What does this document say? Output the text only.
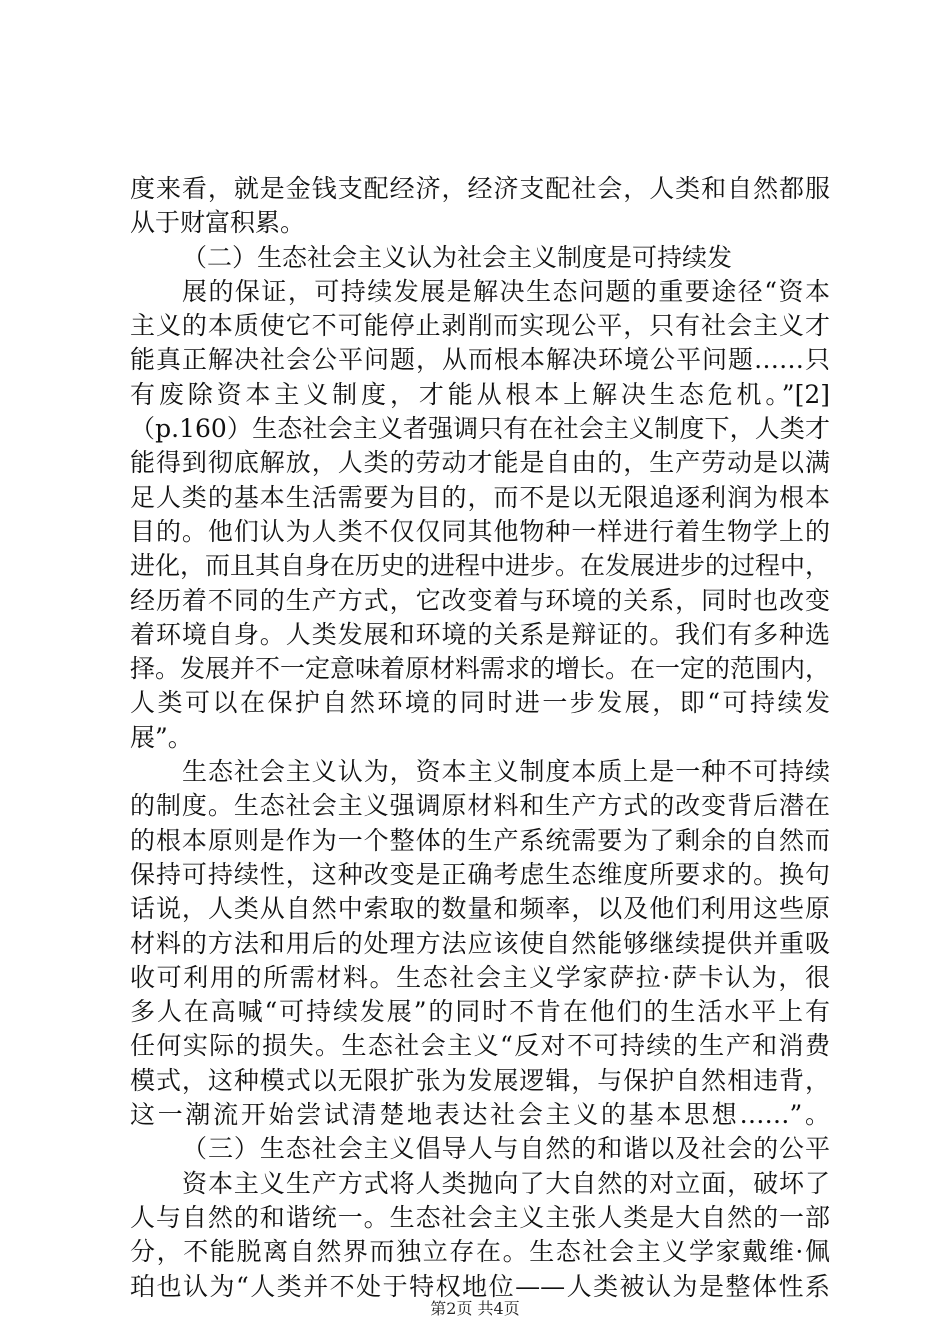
度来看，就是金钱支配经济，经济支配社会，人类和自然都服
从于财富积累。
（二）生态社会主义认为社会主义制度是可持续发
展的保证，可持续发展是解决生态问题的重要途径“资本
主义的本质使它不可能停止剥削而实现公平，只有社会主义才
能真正解决社会公平问题，从而根本解决环境公平问题……只
有废除资本主义制度，才能从根本上解决生态危机。”[2]
（p.160）生态社会主义者强调只有在社会主义制度下，人类才
能得到彻底解放，人类的劳动才能是自由的，生产劳动是以满
足人类的基本生活需要为目的，而不是以无限追逐利润为根本
目的。他们认为人类不仅仅同其他物种一样进行着生物学上的
进化，而且其自身在历史的进程中进步。在发展进步的过程中，
经历着不同的生产方式，它改变着与环境的关系，同时也改变
着环境自身。人类发展和环境的关系是辩证的。我们有多种选
择。发展并不一定意味着原材料需求的增长。在一定的范围内，
人类可以在保护自然环境的同时进一步发展，即“可持续发
展”。
生态社会主义认为，资本主义制度本质上是一种不可持续
的制度。生态社会主义强调原材料和生产方式的改变背后潜在
的根本原则是作为一个整体的生产系统需要为了剩余的自然而
保持可持续性，这种改变是正确考虑生态维度所要求的。换句
话说，人类从自然中索取的数量和频率，以及他们利用这些原
材料的方法和用后的处理方法应该使自然能够继续提供并重吸
收可利用的所需材料。生态社会主义学家萨拉·萨卡认为，很
多人在高喊“可持续发展”的同时不肯在他们的生活水平上有
任何实际的损失。生态社会主义“反对不可持续的生产和消费
模式，这种模式以无限扩张为发展逻辑，与保护自然相违背，
这一潮流开始尝试清楚地表达社会主义的基本思想……”。
（三）生态社会主义倡导人与自然的和谐以及社会的公平
资本主义生产方式将人类抛向了大自然的对立面，破坏了
人与自然的和谐统一。生态社会主义主张人类是大自然的一部
分，不能脱离自然界而独立存在。生态社会主义学家戴维·佩
珀也认为“人类并不处于特权地位——人类被认为是整体性系
第2页 共4页
